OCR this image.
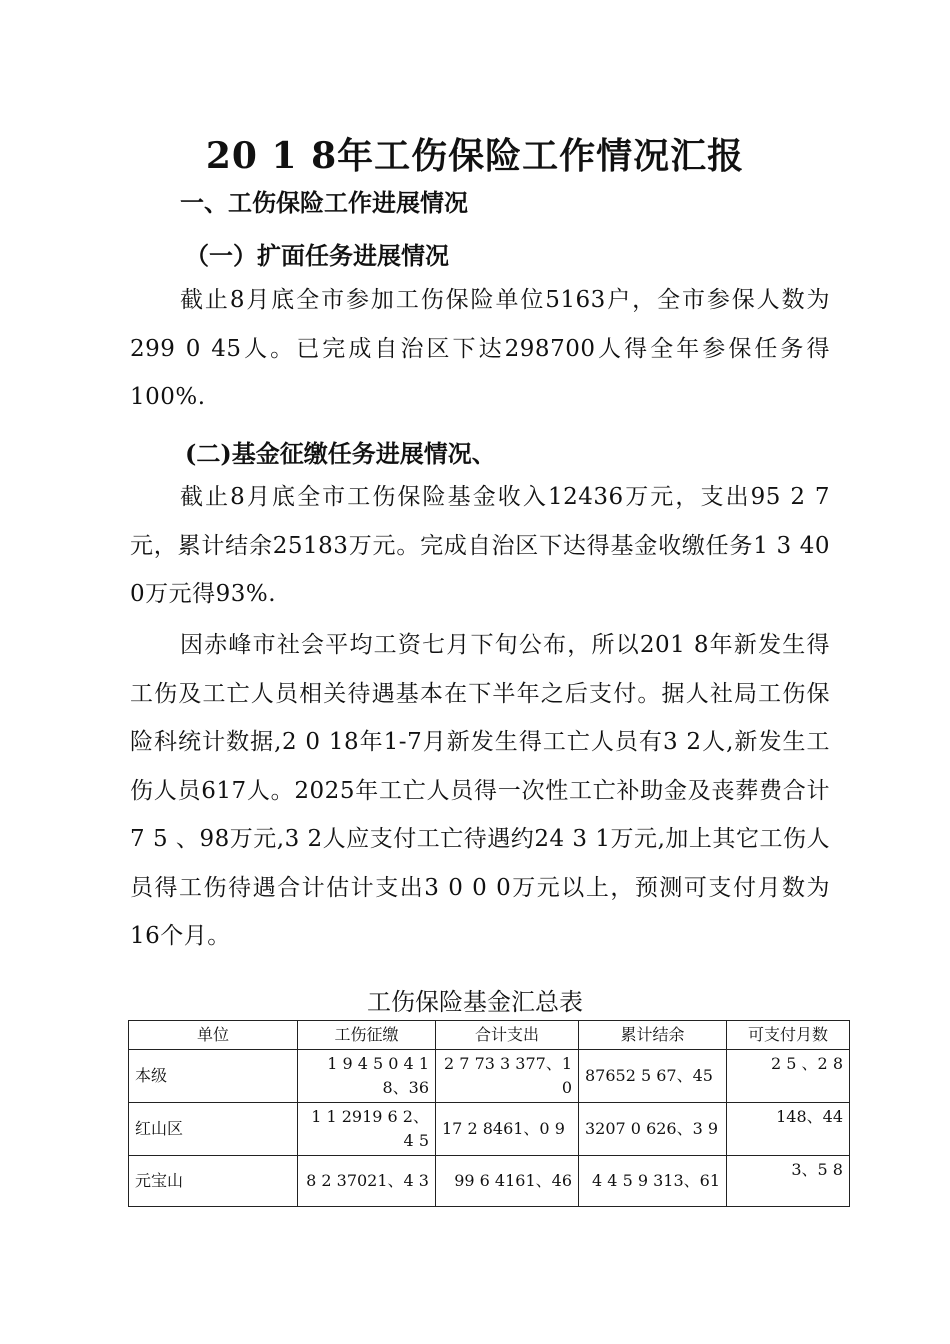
20 1 8年工伤保险工作情况汇报
一、工伤保险工作进展情况
（一）扩面任务进展情况

截止8月底全市参加工伤保险单位5163户，全市参保人数为299 0 45人。已完成自治区下达298700人得全年参保任务得100%.

(二)基金征缴任务进展情况、

截止8月底全市工伤保险基金收入12436万元，支出95 2 7元，累计结余25183万元。完成自治区下达得基金收缴任务1 3 40 0万元得93%.

因赤峰市社会平均工资七月下旬公布，所以201 8年新发生得工伤及工亡人员相关待遇基本在下半年之后支付。据人社局工伤保险科统计数据,2 0 18年1-7月新发生得工亡人员有3 2人,新发生工伤人员617人。2025年工亡人员得一次性工亡补助金及丧葬费合计7 5 、98万元,3 2人应支付工亡待遇约24 3 1万元,加上其它工伤人员得工伤待遇合计估计支出3 0 0 0万元以上，预测可支付月数为16个月。

工伤保险基金汇总表
单位	工伤征缴	合计支出	累计结余	可支付月数
本级	1 9 4 5 0 4 18、36	2 7 73 3 377、10	87652 5 67、45	2 5 、2 8
红山区	1 1 2919 6 2、4 5	17 2 8461、0 9	3207 0 626、3 9	148、44
元宝山	8 2 37021、4 3	99 6 4161、46	4 4 5 9 313、61	3、5 8
